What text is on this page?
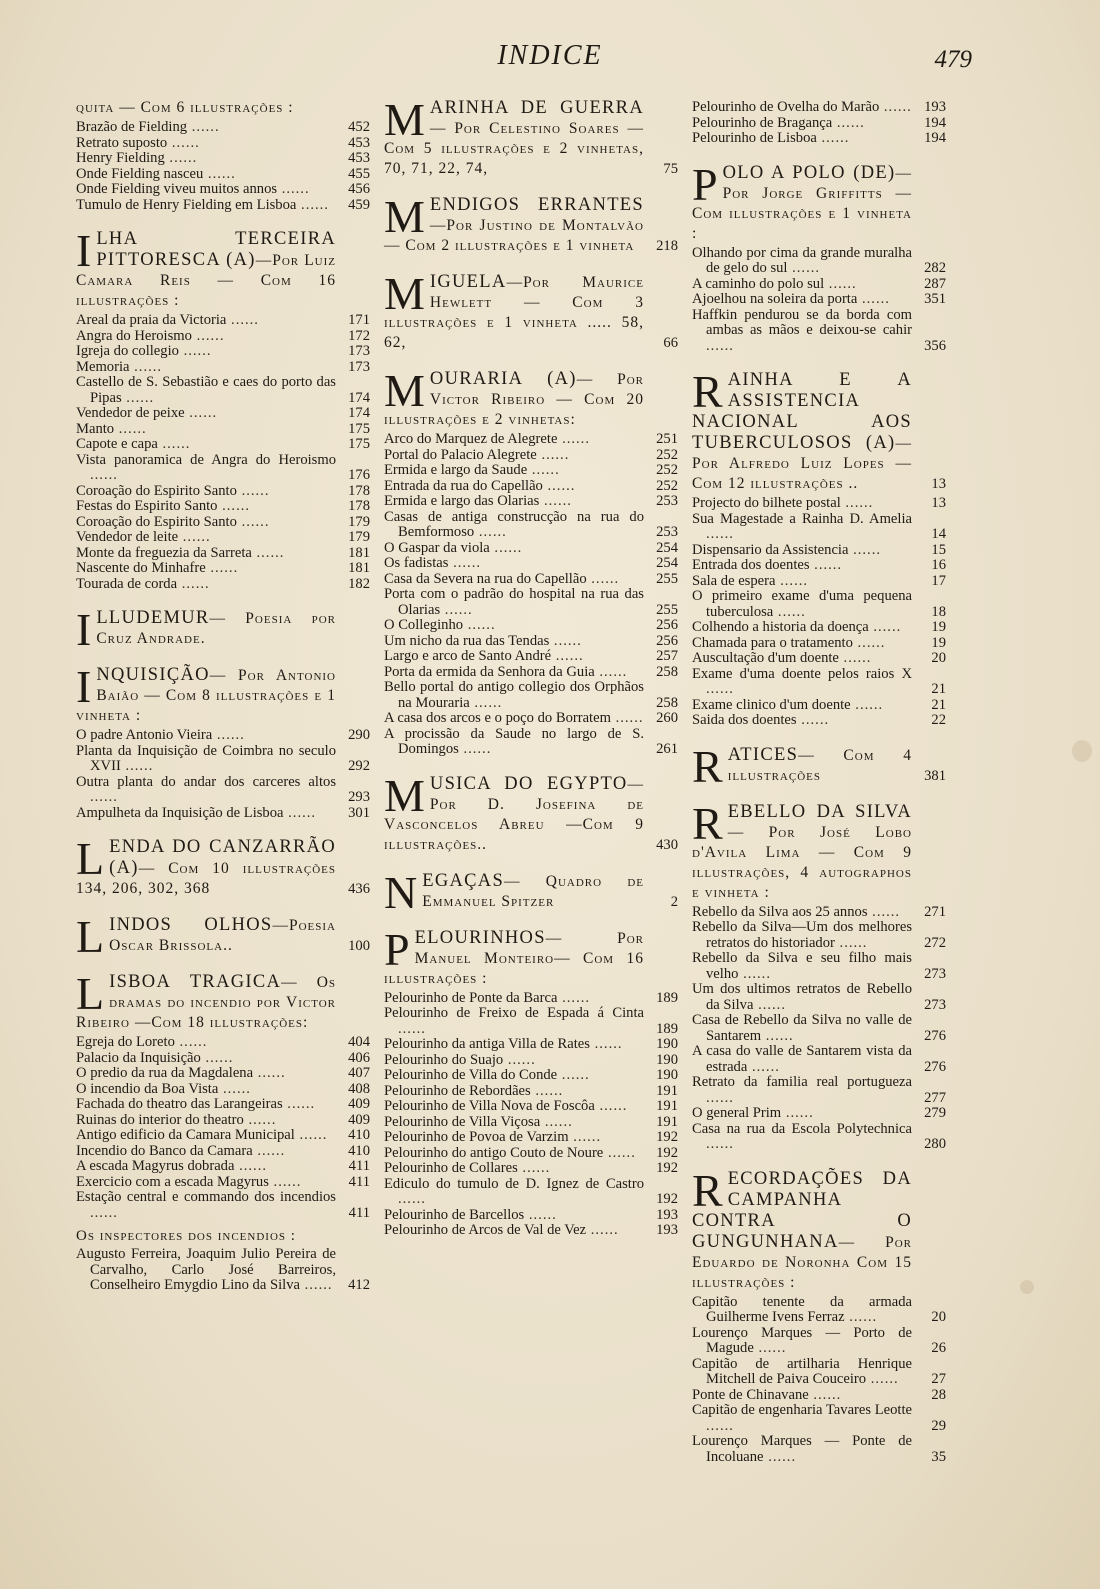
INDICE	479
quita — Com 6 illustrações :
Brazão de Fielding ......	452
Retrato suposto ......	453
Henry Fielding ......	453
Onde Fielding nasceu ......	455
Onde Fielding viveu muitos annos ......	456
Tumulo de Henry Fielding em Lisboa ......	459
ILHA TERCEIRA PITTORESCA (A)—Por Luiz Camara Reis — Com 16 illustrações :
Areal da praia da Victoria ......	171
Angra do Heroismo ......	172
Igreja do collegio ......	173
Memoria ......	173
Castello de S. Sebastião e caes do porto das Pipas ......	174
Vendedor de peixe ......	174
Manto ......	175
Capote e capa ......	175
Vista panoramica de Angra do Heroismo ......	176
Coroação do Espirito Santo ......	178
Festas do Espirito Santo ......	178
Coroação do Espirito Santo ......	179
Vendedor de leite ......	179
Monte da freguezia da Sarreta ......	181
Nascente do Minhafre ......	181
Tourada de corda ......	182
ILLUDEMUR— Poesia por Cruz Andrade.
INQUISIÇÃO— Por Antonio Baião — Com 8 illustrações e 1 vinheta :
O padre Antonio Vieira ......	290
Planta da Inquisição de Coimbra no seculo XVII ......	292
Outra planta do andar dos carceres altos ......	293
Ampulheta da Inquisição de Lisboa ......	301
LENDA DO CANZARRÃO (A)— Com 10 illustrações 134, 206, 302, 368	436
LINDOS OLHOS—Poesia Oscar Brissola..	100
LISBOA TRAGICA— Os dramas do incendio por Victor Ribeiro —Com 18 illustrações:
Egreja do Loreto ......	404
Palacio da Inquisição ......	406
O predio da rua da Magdalena ......	407
O incendio da Boa Vista ......	408
Fachada do theatro das Larangeiras ......	409
Ruinas do interior do theatro ......	409
Antigo edificio da Camara Municipal ......	410
Incendio do Banco da Camara ......	410
A escada Magyrus dobrada ......	411
Exercicio com a escada Magyrus ......	411
Estação central e commando dos incendios ......	411
Os inspectores dos incendios :
Augusto Ferreira, Joaquim Julio Pereira de Carvalho, Carlo José Barreiros, Conselheiro Emygdio Lino da Silva ......	412
MARINHA DE GUERRA— Por Celestino Soares — Com 5 illustrações e 2 vinhetas, 70, 71, 22, 74,	75
MENDIGOS ERRANTES—Por Justino de Montalvão — Com 2 illustrações e 1 vinheta 218
MIGUELA—Por Maurice Hewlett — Com 3 illustrações e 1 vinheta ..... 58, 62,	66
MOURARIA (A)— Por Victor Ribeiro — Com 20 illustrações e 2 vinhetas:
Arco do Marquez de Alegrete ......	251
Portal do Palacio Alegrete ......	252
Ermida e largo da Saude ......	252
Entrada da rua do Capellão ......	252
Ermida e largo das Olarias ......	253
Casas de antiga construcção na rua do Bemformoso ......	253
O Gaspar da viola ......	254
Os fadistas ......	254
Casa da Severa na rua do Capellão ......	255
Porta com o padrão do hospital na rua das Olarias ......	255
O Colleginho ......	256
Um nicho da rua das Tendas ......	256
Largo e arco de Santo André ......	257
Porta da ermida da Senhora da Guia ......	258
Bello portal do antigo collegio dos Orphãos na Mouraria ......	258
A casa dos arcos e o poço do Borratem ...... 260
A procissão da Saude no largo de S. Domingos ......	261
MUSICA DO EGYPTO— Por D. Josefina de Vasconcelos Abreu —Com 9 illustrações..	430
NEGAÇAS— Quadro de Emmanuel Spitzer	2
PELOURINHOS— Por Manuel Monteiro— Com 16 illustrações :
Pelourinho de Ponte da Barca ......	189
Pelourinho de Freixo de Espada á Cinta ......	189
Pelourinho da antiga Villa de Rates ......	190
Pelourinho do Suajo ......	190
Pelourinho de Villa do Conde ......	190
Pelourinho de Rebordães ......	191
Pelourinho de Villa Nova de Foscôa ......	191
Pelourinho de Villa Viçosa ......	191
Pelourinho de Povoa de Varzim ......	192
Pelourinho do antigo Couto de Noure ......	192
Pelourinho de Collares ......	192
Ediculo do tumulo de D. Ignez de Castro ......	192
Pelourinho de Barcellos ......	193
Pelourinho de Arcos de Val de Vez ......	193
Pelourinho de Ovelha do Marão ...... 193
Pelourinho de Bragança ......	194
Pelourinho de Lisboa ......	194
POLO A POLO (DE)— Por Jorge Griffitts — Com illustrações e 1 vinheta :
Olhando por cima da grande muralha de gelo do sul ......	282
A caminho do polo sul ......	287
Ajoelhou na soleira da porta ......	351
Haffkin pendurou se da borda com ambas as mãos e deixou-se cahir ......	356
RAINHA E A ASSISTENCIA NACIONAL AOS TUBERCULOSOS (A)— Por Alfredo Luiz Lopes — Com 12 illustrações ..	13
Projecto do bilhete postal ......	13
Sua Magestade a Rainha D. Amelia ......	14
Dispensario da Assistencia ......	15
Entrada dos doentes ......	16
Sala de espera ......	17
O primeiro exame d'uma pequena tuberculosa ......	18
Colhendo a historia da doença ......	19
Chamada para o tratamento ......	19
Auscultação d'um doente ......	20
Exame d'uma doente pelos raios X ......	21
Exame clinico d'um doente ......	21
Saida dos doentes ......	22
RATICES— Com 4 illustrações	381
REBELLO DA SILVA— Por José Lobo d'Avila Lima — Com 9 illustrações, 4 autographos e vinheta :
Rebello da Silva aos 25 annos ......	271
Rebello da Silva—Um dos melhores retratos do historiador ......	272
Rebello da Silva e seu filho mais velho ......	273
Um dos ultimos retratos de Rebello da Silva ......	273
Casa de Rebello da Silva no valle de Santarem ......	276
A casa do valle de Santarem vista da estrada ......	276
Retrato da familia real portugueza ......	277
O general Prim ......	279
Casa na rua da Escola Polytechnica ......	280
RECORDAÇÕES DA CAMPANHA CONTRA O GUNGUNHANA— Por Eduardo de Noronha Com 15 illustrações :
Capitão tenente da armada Guilherme Ivens Ferraz ......	20
Lourenço Marques — Porto de Magude ......	26
Capitão de artilharia Henrique Mitchell de Paiva Couceiro ......	27
Ponte de Chinavane ......	28
Capitão de engenharia Tavares Leotte ......	29
Lourenço Marques — Ponte de Incoluane ......	35
